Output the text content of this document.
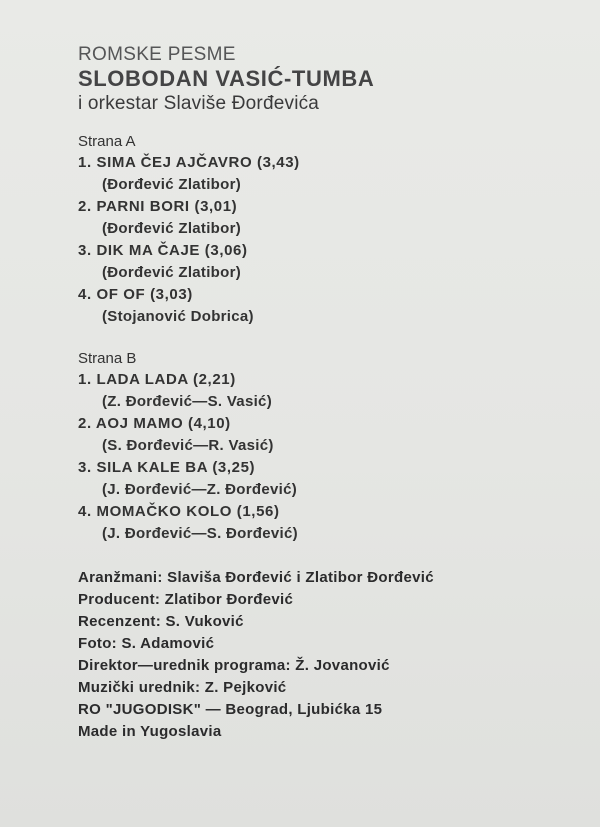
ROMSKE PESME

SLOBODAN VASIĆ-TUMBA

i orkestar Slaviše Đorđevića

Strana A
1. SIMA ČEJ AJČAVRO (3,43)
(Đorđević Zlatibor)
2. PARNI BORI (3,01)
(Đorđević Zlatibor)
3. DIK MA ČAJE (3,06)
(Đorđević Zlatibor)
4. OF OF (3,03)
(Stojanović Dobrica)
Strana B
1. LADA LADA (2,21)
(Z. Đorđević—S. Vasić)
2. AOJ MAMO (4,10)
(S. Đorđević—R. Vasić)
3. SILA KALE BA (3,25)
(J. Đorđević—Z. Đorđević)
4. MOMAČKO KOLO (1,56)
(J. Đorđević—S. Đorđević)
Aranžmani: Slaviša Đorđević i Zlatibor Đorđević
Producent: Zlatibor Đorđević
Recenzent: S. Vuković
Foto: S. Adamović
Direktor—urednik programa: Ž. Jovanović
Muzički urednik: Z. Pejković
RO "JUGODISK" — Beograd, Ljubićka 15
Made in Yugoslavia
